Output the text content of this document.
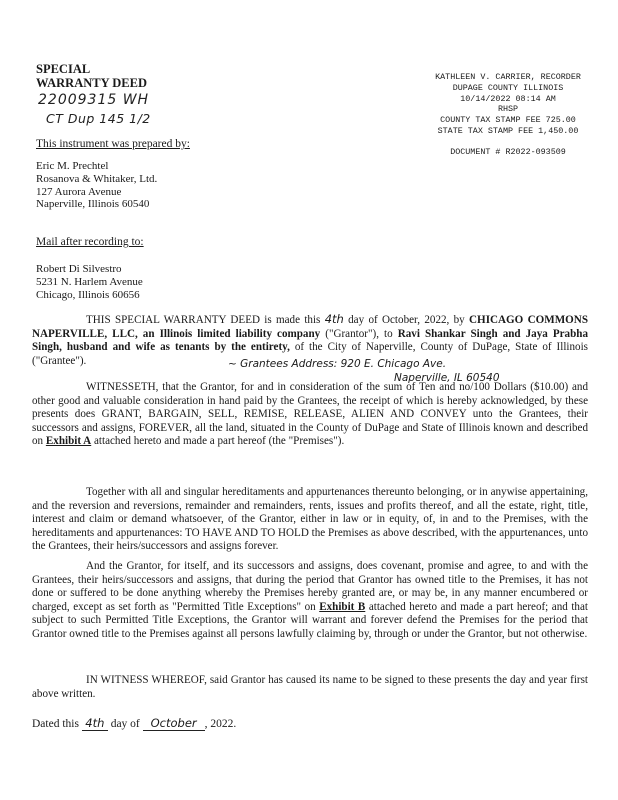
SPECIAL
WARRANTY DEED
22009315 WH
CT Dup 145 1/2
KATHLEEN V. CARRIER, RECORDER
DUPAGE COUNTY ILLINOIS
10/14/2022 08:14 AM
RHSP
COUNTY TAX STAMP FEE 725.00
STATE TAX STAMP FEE 1,450.00
DOCUMENT # R2022-093509
This instrument was prepared by:
Eric M. Prechtel
Rosanova & Whitaker, Ltd.
127 Aurora Avenue
Naperville, Illinois 60540
Mail after recording to:
Robert Di Silvestro
5231 N. Harlem Avenue
Chicago, Illinois 60656
THIS SPECIAL WARRANTY DEED is made this 4th day of October, 2022, by CHICAGO COMMONS NAPERVILLE, LLC, an Illinois limited liability company ("Grantor"), to Ravi Shankar Singh and Jaya Prabha Singh, husband and wife as tenants by the entirety, of the City of Naperville, County of DuPage, State of Illinois ("Grantee").	~ Grantees Address: 920 E. Chicago Ave.
Naperville, IL 60540
WITNESSETH, that the Grantor, for and in consideration of the sum of Ten and no/100 Dollars ($10.00) and other good and valuable consideration in hand paid by the Grantees, the receipt of which is hereby acknowledged, by these presents does GRANT, BARGAIN, SELL, REMISE, RELEASE, ALIEN AND CONVEY unto the Grantees, their successors and assigns, FOREVER, all the land, situated in the County of DuPage and State of Illinois known and described on Exhibit A attached hereto and made a part hereof (the "Premises").
Together with all and singular hereditaments and appurtenances thereunto belonging, or in anywise appertaining, and the reversion and reversions, remainder and remainders, rents, issues and profits thereof, and all the estate, right, title, interest and claim or demand whatsoever, of the Grantor, either in law or in equity, of, in and to the Premises, with the hereditaments and appurtenances: TO HAVE AND TO HOLD the Premises as above described, with the appurtenances, unto the Grantees, their heirs/successors and assigns forever.
And the Grantor, for itself, and its successors and assigns, does covenant, promise and agree, to and with the Grantees, their heirs/successors and assigns, that during the period that Grantor has owned title to the Premises, it has not done or suffered to be done anything whereby the Premises hereby granted are, or may be, in any manner encumbered or charged, except as set forth as "Permitted Title Exceptions" on Exhibit B attached hereto and made a part hereof; and that subject to such Permitted Title Exceptions, the Grantor will warrant and forever defend the Premises for the period that Grantor owned title to the Premises against all persons lawfully claiming by, through or under the Grantor, but not otherwise.
IN WITNESS WHEREOF, said Grantor has caused its name to be signed to these presents the day and year first above written.
Dated this 4th day of October , 2022.
